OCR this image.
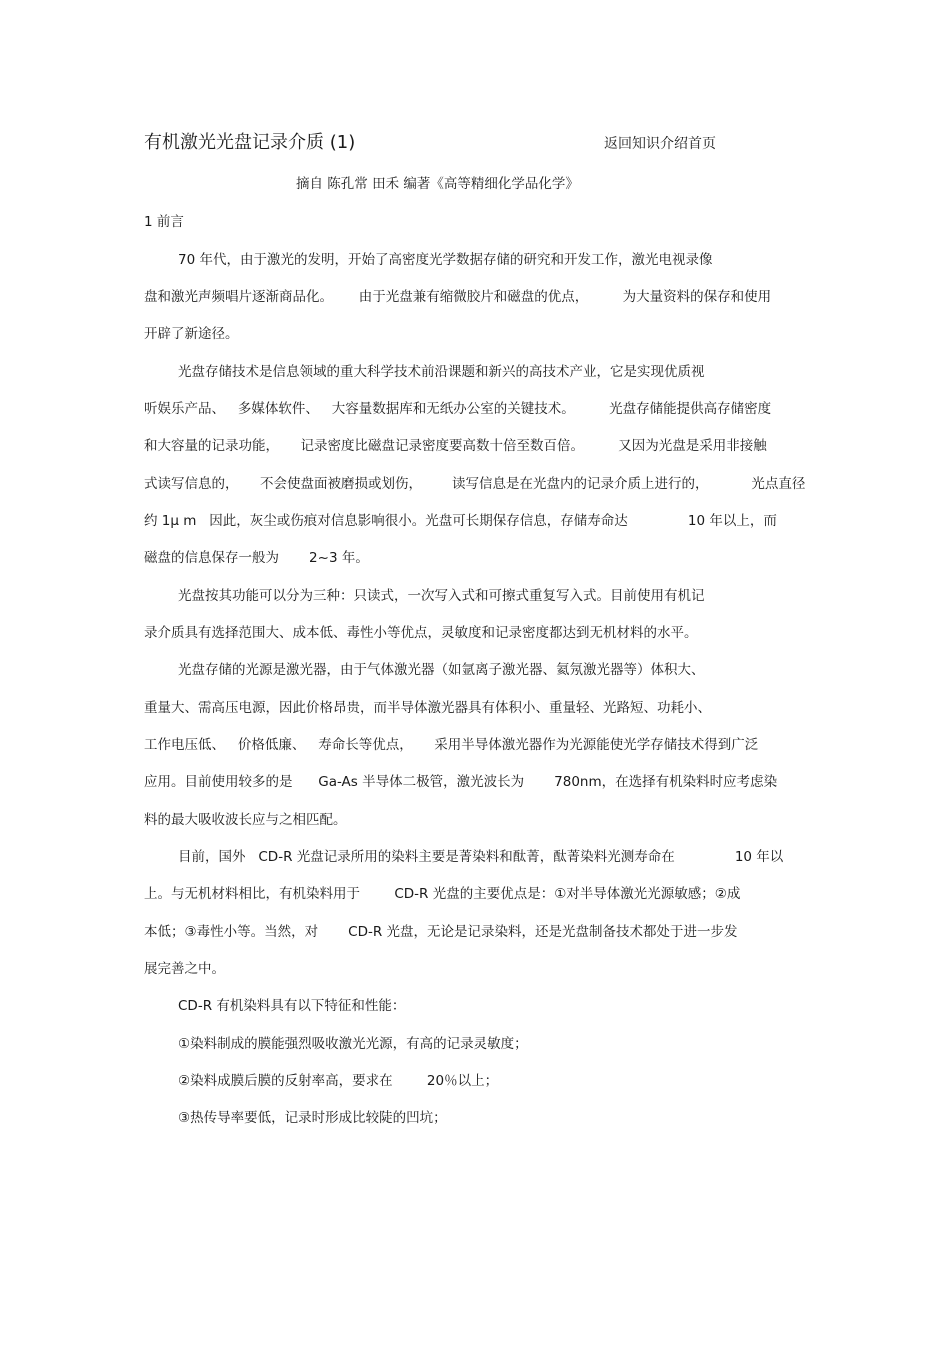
有机激光光盘记录介质 (1)	返回知识介绍首页
摘自 陈孔常 田禾 编著《高等精细化学品化学》
1 前言
70 年代，由于激光的发明，开始了高密度光学数据存储的研究和开发工作，激光电视录像
盘和激光声频唱片逐渐商品化。      由于光盘兼有缩微胶片和磁盘的优点，        为大量资料的保存和使用
开辟了新途径。
光盘存储技术是信息领域的重大科学技术前沿课题和新兴的高技术产业，它是实现优质视
听娱乐产品、   多媒体软件、   大容量数据库和无纸办公室的关键技术。        光盘存储能提供高存储密度
和大容量的记录功能，     记录密度比磁盘记录密度要高数十倍至数百倍。        又因为光盘是采用非接触
式读写信息的，     不会使盘面被磨损或划伤，       读写信息是在光盘内的记录介质上进行的，          光点直径
约 1μ m   因此，灰尘或伤痕对信息影响很小。光盘可长期保存信息，存储寿命达              10 年以上，而
磁盘的信息保存一般为       2~3 年。
光盘按其功能可以分为三种：只读式，一次写入式和可擦式重复写入式。目前使用有机记
录介质具有选择范围大、成本低、毒性小等优点，灵敏度和记录密度都达到无机材料的水平。
光盘存储的光源是激光器，由于气体激光器（如氩离子激光器、氦氖激光器等）体积大、
重量大、需高压电源，因此价格昂贵，而半导体激光器具有体积小、重量轻、光路短、功耗小、
工作电压低、   价格低廉、   寿命长等优点，     采用半导体激光器作为光源能使光学存储技术得到广泛
应用。目前使用较多的是      Ga-As 半导体二极管，激光波长为       780nm，在选择有机染料时应考虑染
料的最大吸收波长应与之相匹配。
目前，国外   CD-R 光盘记录所用的染料主要是菁染料和酞菁，酞菁染料光测寿命在              10 年以
上。与无机材料相比，有机染料用于        CD-R 光盘的主要优点是：①对半导体激光光源敏感；②成
本低；③毒性小等。当然，对       CD-R 光盘，无论是记录染料，还是光盘制备技术都处于进一步发
展完善之中。
CD-R 有机染料具有以下特征和性能：
①染料制成的膜能强烈吸收激光光源，有高的记录灵敏度；
②染料成膜后膜的反射率高，要求在        20％以上；
③热传导率要低，记录时形成比较陡的凹坑；
